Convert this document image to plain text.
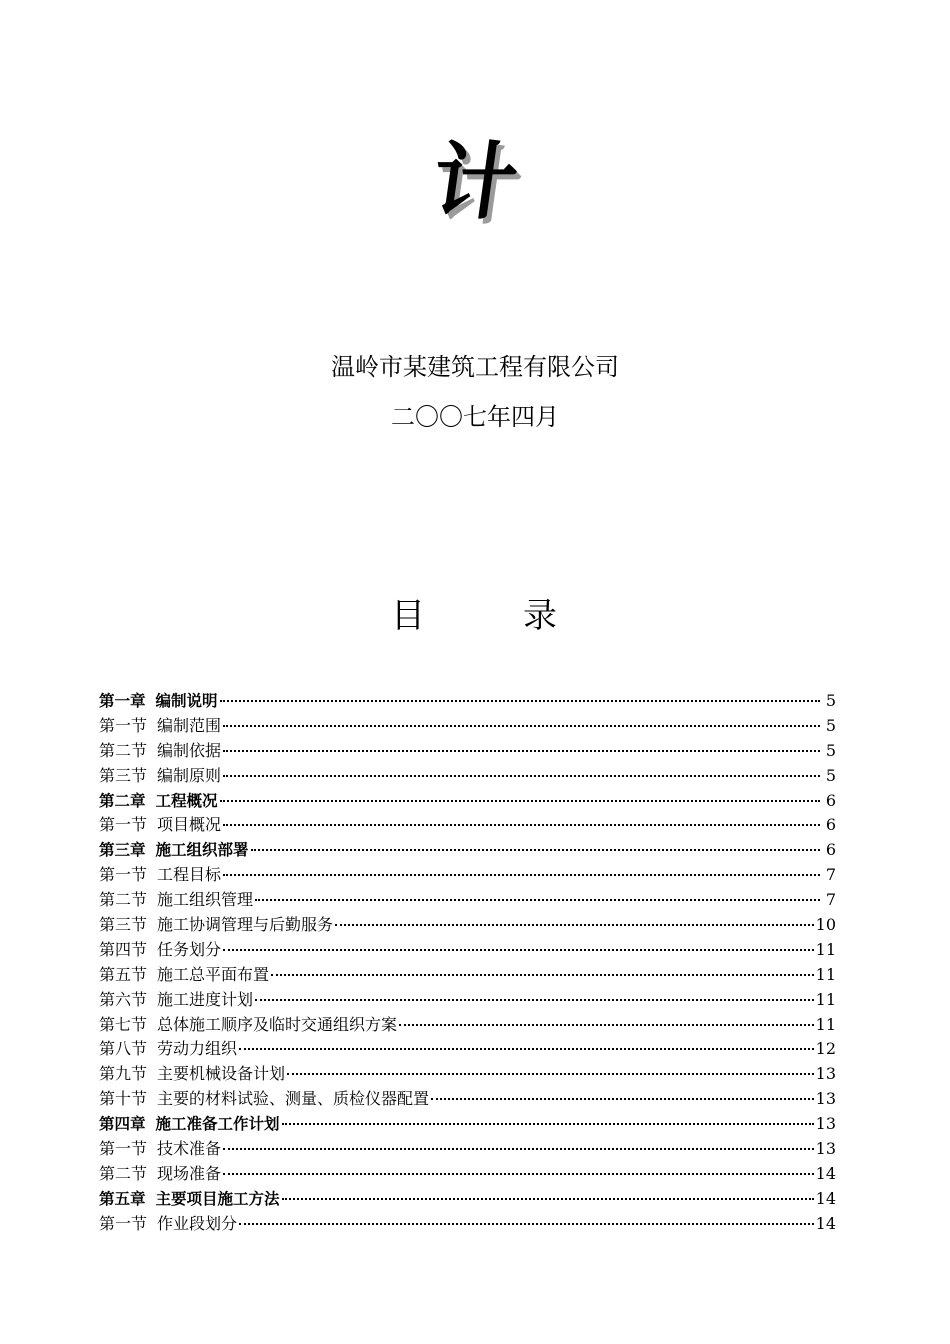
计
温岭市某建筑工程有限公司
二〇〇七年四月
目	录
第一章 编制说明	5
第一节 编制范围	5
第二节 编制依据	5
第三节 编制原则	5
第二章 工程概况	6
第一节 项目概况	6
第三章 施工组织部署	6
第一节 工程目标	7
第二节 施工组织管理	7
第三节 施工协调管理与后勤服务	10
第四节 任务划分	11
第五节 施工总平面布置	11
第六节 施工进度计划	11
第七节 总体施工顺序及临时交通组织方案	11
第八节 劳动力组织	12
第九节 主要机械设备计划	13
第十节 主要的材料试验、测量、质检仪器配置	13
第四章 施工准备工作计划	13
第一节 技术准备	13
第二节 现场准备	14
第五章 主要项目施工方法	14
第一节 作业段划分	14
